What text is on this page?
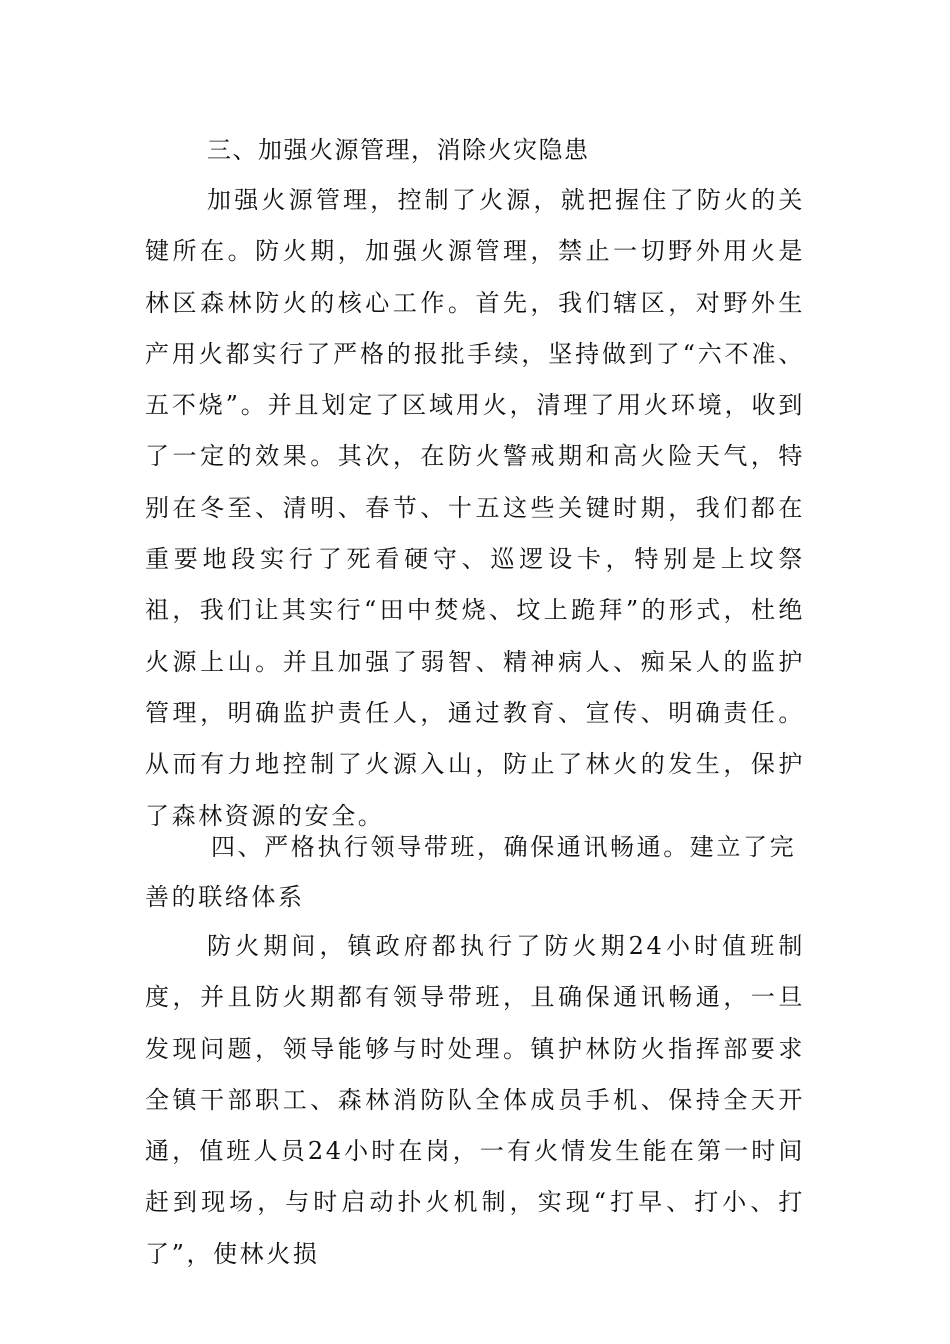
三、加强火源管理，消除火灾隐患

加强火源管理，控制了火源，就把握住了防火的关键所在。防火期，加强火源管理，禁止一切野外用火是林区森林防火的核心工作。首先，我们辖区，对野外生产用火都实行了严格的报批手续，坚持做到了“六不准、五不烧”。并且划定了区域用火，清理了用火环境，收到了一定的效果。其次，在防火警戒期和高火险天气，特别在冬至、清明、春节、十五这些关键时期，我们都在重要地段实行了死看硬守、巡逻设卡，特别是上坟祭祖，我们让其实行“田中焚烧、坟上跪拜”的形式，杜绝火源上山。并且加强了弱智、精神病人、痴呆人的监护管理，明确监护责任人，通过教育、宣传、明确责任。从而有力地控制了火源入山，防止了林火的发生，保护了森林资源的安全。

四、严格执行领导带班，确保通讯畅通。建立了完善的联络体系

防火期间，镇政府都执行了防火期24小时值班制度，并且防火期都有领导带班，且确保通讯畅通，一旦发现问题，领导能够与时处理。镇护林防火指挥部要求全镇干部职工、森林消防队全体成员手机、保持全天开通，值班人员24小时在岗，一有火情发生能在第一时间赶到现场，与时启动扑火机制，实现“打早、打小、打了”，使林火损
